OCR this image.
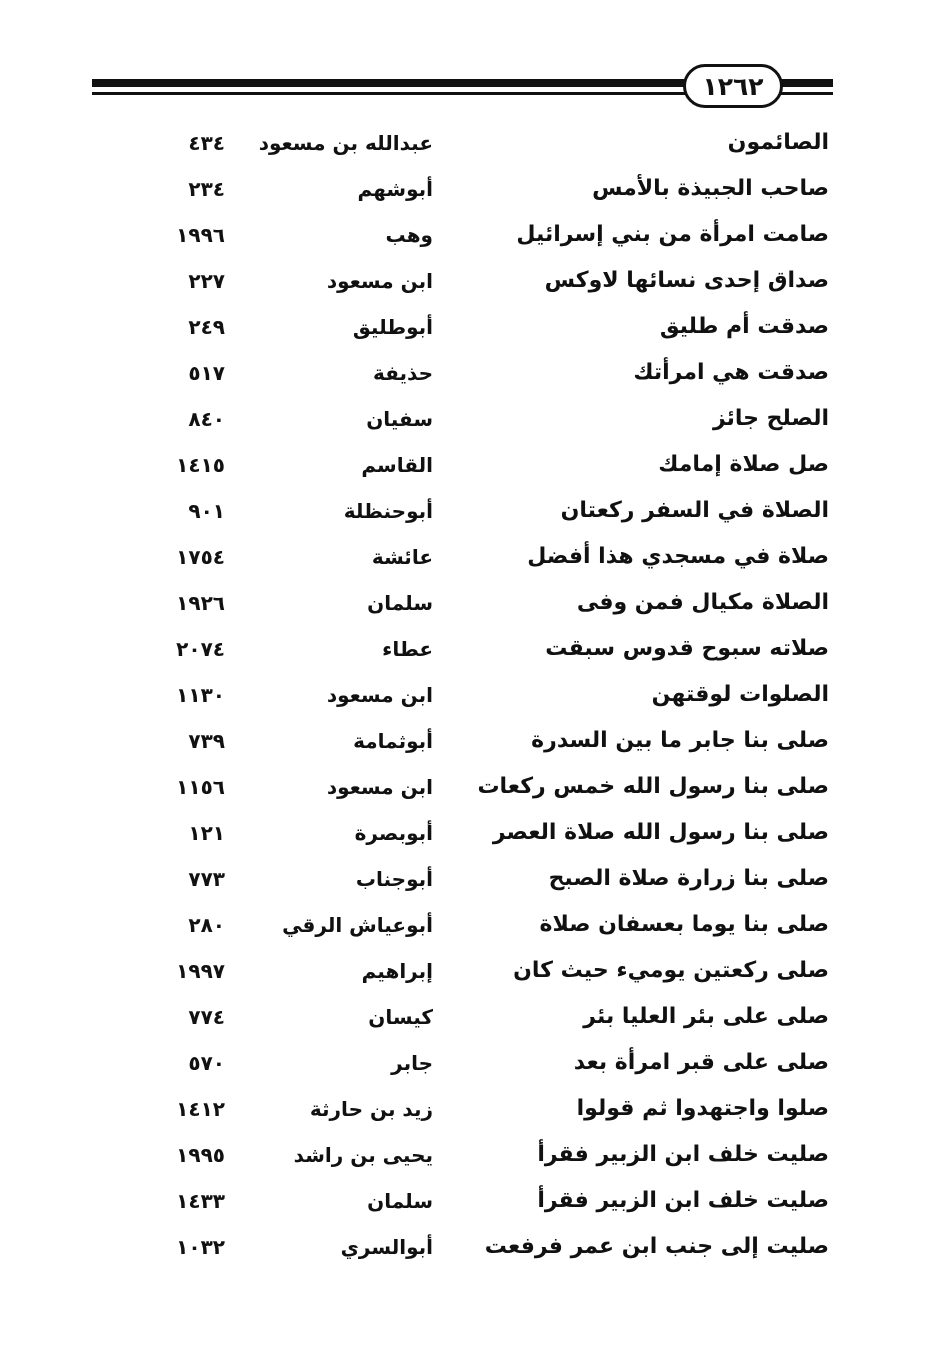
١٢٦٢
الصائمون
عبدالله بن مسعود
٤٣٤
صاحب الجبيذة بالأمس
أبوشهم
٢٣٤
صامت امرأة من بني إسرائيل
وهب
١٩٩٦
صداق إحدى نسائها لاوكس
ابن مسعود
٢٢٧
صدقت أم طليق
أبوطليق
٢٤٩
صدقت هي امرأتك
حذيفة
٥١٧
الصلح جائز
سفيان
٨٤٠
صل صلاة إمامك
القاسم
١٤١٥
الصلاة في السفر ركعتان
أبوحنظلة
٩٠١
صلاة في مسجدي هذا أفضل
عائشة
١٧٥٤
الصلاة مكيال فمن وفى
سلمان
١٩٢٦
صلاته سبوح قدوس سبقت
عطاء
٢٠٧٤
الصلوات لوقتهن
ابن مسعود
١١٣٠
صلى بنا جابر ما بين السدرة
أبوثمامة
٧٣٩
صلى بنا رسول الله خمس ركعات
ابن مسعود
١١٥٦
صلى بنا رسول الله صلاة العصر
أبوبصرة
١٢١
صلى بنا زرارة صلاة الصبح
أبوجناب
٧٧٣
صلى بنا يوما بعسفان صلاة
أبوعياش الرقي
٢٨٠
صلى ركعتين يوميء حيث كان
إبراهيم
١٩٩٧
صلى على بئر العليا بئر
كيسان
٧٧٤
صلى على قبر امرأة بعد
جابر
٥٧٠
صلوا واجتهدوا ثم قولوا
زيد بن حارثة
١٤١٢
صليت خلف ابن الزبير فقرأ
يحيى بن راشد
١٩٩٥
صليت خلف ابن الزبير فقرأ
سلمان
١٤٣٣
صليت إلى جنب ابن عمر فرفعت
أبوالسري
١٠٣٢
